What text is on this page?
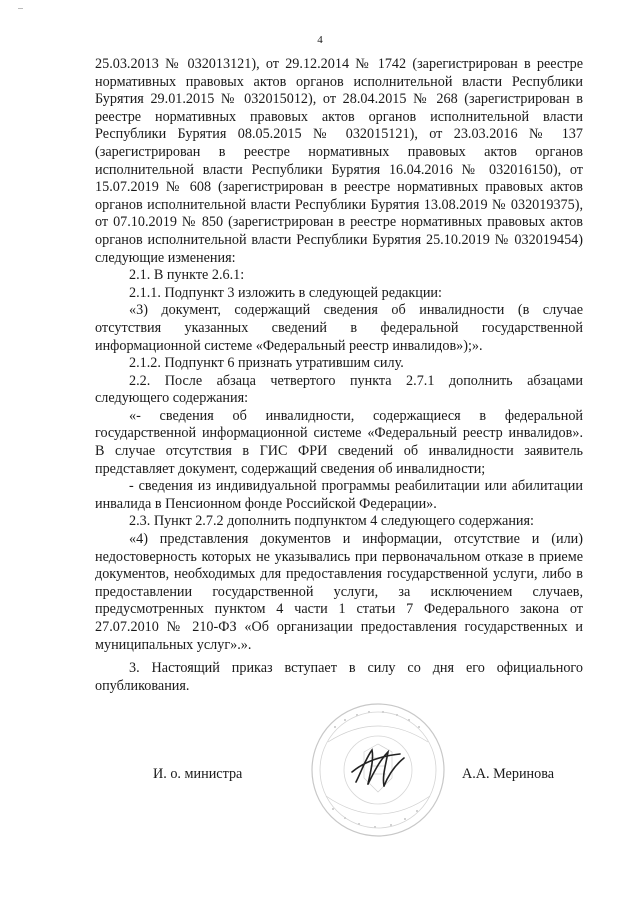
4

25.03.2013 № 032013121), от 29.12.2014 № 1742 (зарегистрирован в реестре нормативных правовых актов органов исполнительной власти Республики Бурятия 29.01.2015 № 032015012), от 28.04.2015 № 268 (зарегистрирован в реестре нормативных правовых актов органов исполнительной власти Республики Бурятия 08.05.2015 № 032015121), от 23.03.2016 № 137 (зарегистрирован в реестре нормативных правовых актов органов исполнительной власти Республики Бурятия 16.04.2016 № 032016150), от 15.07.2019 № 608 (зарегистрирован в реестре нормативных правовых актов органов исполнительной власти Республики Бурятия 13.08.2019 № 032019375), от 07.10.2019 № 850 (зарегистрирован в реестре нормативных правовых актов органов исполнительной власти Республики Бурятия 25.10.2019 № 032019454) следующие изменения:

2.1. В пункте 2.6.1:

2.1.1. Подпункт 3 изложить в следующей редакции:

«3) документ, содержащий сведения об инвалидности (в случае отсутствия указанных сведений в федеральной государственной информационной системе «Федеральный реестр инвалидов»);».

2.1.2. Подпункт 6 признать утратившим силу.

2.2. После абзаца четвертого пункта 2.7.1 дополнить абзацами следующего содержания:

«- сведения об инвалидности, содержащиеся в федеральной государственной информационной системе «Федеральный реестр инвалидов». В случае отсутствия в ГИС ФРИ сведений об инвалидности заявитель представляет документ, содержащий сведения об инвалидности;

- сведения из индивидуальной программы реабилитации или абилитации инвалида в Пенсионном фонде Российской Федерации».

2.3. Пункт 2.7.2 дополнить подпунктом 4 следующего содержания:

«4) представления документов и информации, отсутствие и (или) недостоверность которых не указывались при первоначальном отказе в приеме документов, необходимых для предоставления государственной услуги, либо в предоставлении государственной услуги, за исключением случаев, предусмотренных пунктом 4 части 1 статьи 7 Федерального закона от 27.07.2010 № 210-ФЗ «Об организации предоставления государственных и муниципальных услуг».».

3. Настоящий приказ вступает в силу со дня его официального опубликования.

И. о. министра	А.А. Меринова
